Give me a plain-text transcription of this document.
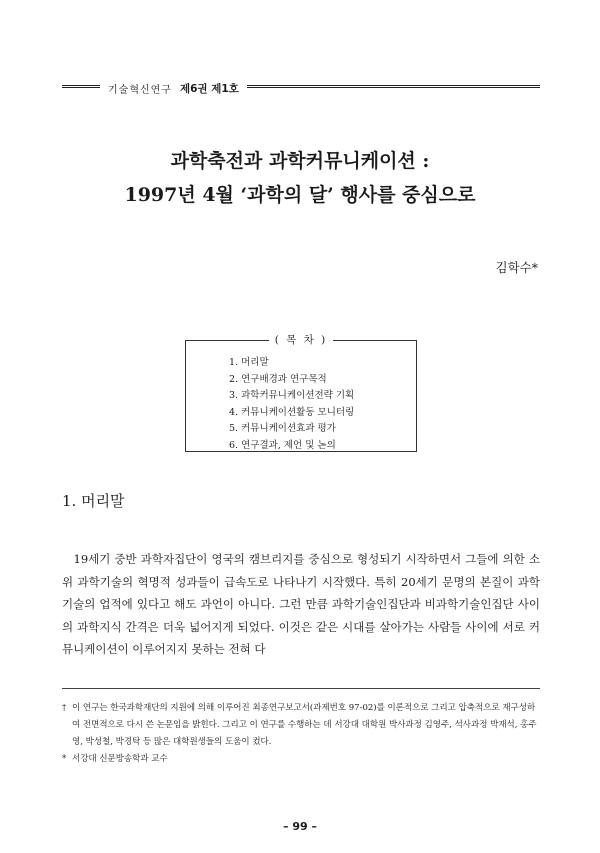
기술혁신연구 제6권 제1호
과학축전과 과학커뮤니케이션 :
1997년 4월 ‘과학의 달’ 행사를 중심으로
김학수*
( 목 차 )
1. 머리말
2. 연구배경과 연구목적
3. 과학커뮤니케이션전략 기획
4. 커뮤니케이션활동 모니터링
5. 커뮤니케이션효과 평가
6. 연구결과, 제언 및 논의
1. 머리말

19세기 중반 과학자집단이 영국의 캠브리지를 중심으로 형성되기 시작하면서 그들에 의한 소위 과학기술의 혁명적 성과들이 급속도로 나타나기 시작했다. 특히 20세기 문명의 본질이 과학기술의 업적에 있다고 해도 과언이 아니다. 그런 만큼 과학기술인집단과 비과학기술인집단 사이의 과학지식 간격은 더욱 넓어지게 되었다. 이것은 같은 시대를 살아가는 사람들 사이에 서로 커뮤니케이션이 이루어지지 못하는 전혀 다

† 이 연구는 한국과학재단의 지원에 의해 이루어진 최종연구보고서(과제번호 97-02)를 이론적으로 그리고 압축적으로 재구성하여 전면적으로 다시 쓴 논문임을 밝힌다. 그리고 이 연구를 수행하는 데 서강대 대학원 박사과정 김영주, 석사과정 박재석, 홍주영, 박성철, 박경탁 등 많은 대학원생들의 도움이 컸다.
* 서강대 신문방송학과 교수
– 99 –
